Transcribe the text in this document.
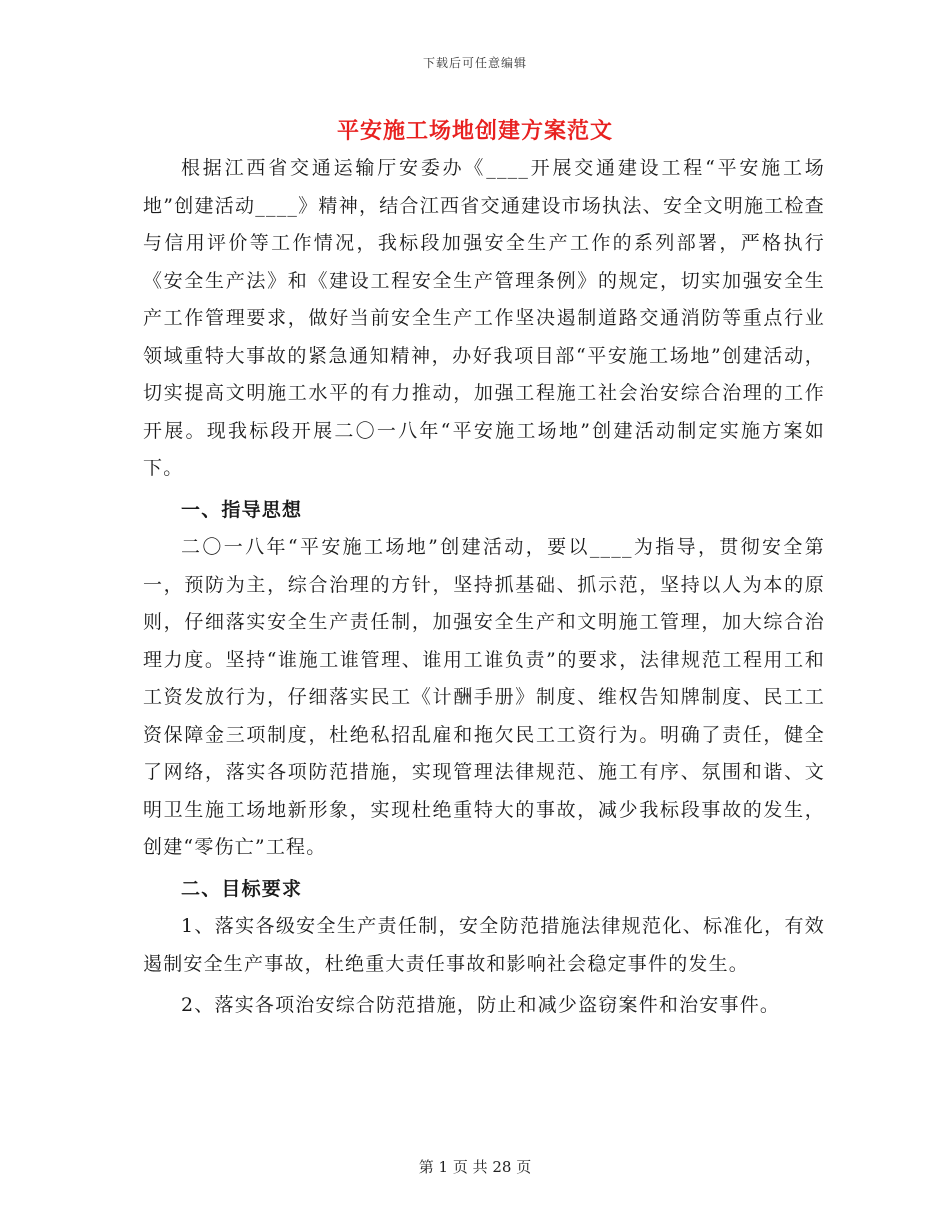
下载后可任意编辑
平安施工场地创建方案范文

根据江西省交通运输厅安委办《____开展交通建设工程“平安施工场地”创建活动____》精神，结合江西省交通建设市场执法、安全文明施工检查与信用评价等工作情况，我标段加强安全生产工作的系列部署，严格执行《安全生产法》和《建设工程安全生产管理条例》的规定，切实加强安全生产工作管理要求，做好当前安全生产工作坚决遏制道路交通消防等重点行业领域重特大事故的紧急通知精神，办好我项目部“平安施工场地”创建活动，切实提高文明施工水平的有力推动，加强工程施工社会治安综合治理的工作开展。现我标段开展二〇一八年“平安施工场地”创建活动制定实施方案如下。

一、指导思想

二〇一八年“平安施工场地”创建活动，要以____为指导，贯彻安全第一，预防为主，综合治理的方针，坚持抓基础、抓示范，坚持以人为本的原则，仔细落实安全生产责任制，加强安全生产和文明施工管理，加大综合治理力度。坚持“谁施工谁管理、谁用工谁负责”的要求，法律规范工程用工和工资发放行为，仔细落实民工《计酬手册》制度、维权告知牌制度、民工工资保障金三项制度，杜绝私招乱雇和拖欠民工工资行为。明确了责任，健全了网络，落实各项防范措施，实现管理法律规范、施工有序、氛围和谐、文明卫生施工场地新形象，实现杜绝重特大的事故，减少我标段事故的发生，创建“零伤亡”工程。

二、目标要求

1、落实各级安全生产责任制，安全防范措施法律规范化、标准化，有效遏制安全生产事故，杜绝重大责任事故和影响社会稳定事件的发生。

2、落实各项治安综合防范措施，防止和减少盗窃案件和治安事件。

第 1 页 共 28 页
